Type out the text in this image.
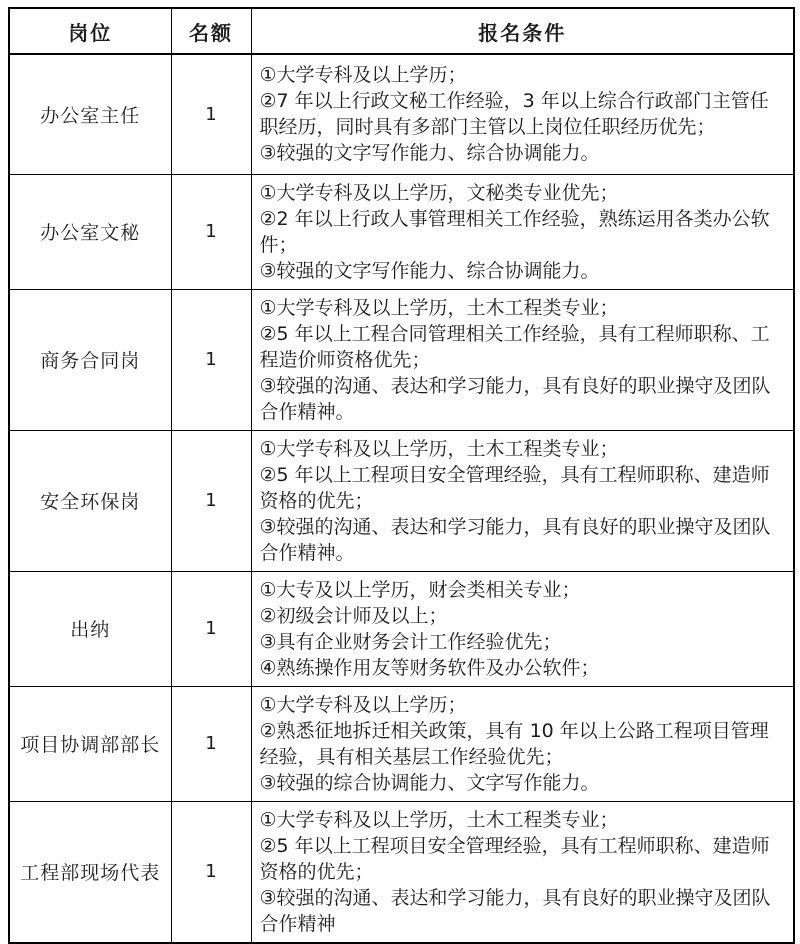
岗位	名额	报名条件
办公室主任	1	①大学专科及以上学历；
②7 年以上行政文秘工作经验，3 年以上综合行政部门主管任职经历，同时具有多部门主管以上岗位任职经历优先；
③较强的文字写作能力、综合协调能力。

办公室文秘	1	①大学专科及以上学历，文秘类专业优先；
②2 年以上行政人事管理相关工作经验，熟练运用各类办公软件；
③较强的文字写作能力、综合协调能力。

商务合同岗	1	①大学专科及以上学历，土木工程类专业；
②5 年以上工程合同管理相关工作经验，具有工程师职称、工程造价师资格优先；
③较强的沟通、表达和学习能力，具有良好的职业操守及团队合作精神。

安全环保岗	1	①大学专科及以上学历，土木工程类专业；
②5 年以上工程项目安全管理经验，具有工程师职称、建造师资格的优先；
③较强的沟通、表达和学习能力，具有良好的职业操守及团队合作精神。

出纳	1	①大专及以上学历，财会类相关专业；
②初级会计师及以上；
③具有企业财务会计工作经验优先；
④熟练操作用友等财务软件及办公软件；

项目协调部部长	1	①大学专科及以上学历；
②熟悉征地拆迁相关政策，具有 10 年以上公路工程项目管理经验，具有相关基层工作经验优先；
③较强的综合协调能力、文字写作能力。

工程部现场代表	1	①大学专科及以上学历，土木工程类专业；
②5 年以上工程项目安全管理经验，具有工程师职称、建造师资格的优先；
③较强的沟通、表达和学习能力，具有良好的职业操守及团队合作精神
